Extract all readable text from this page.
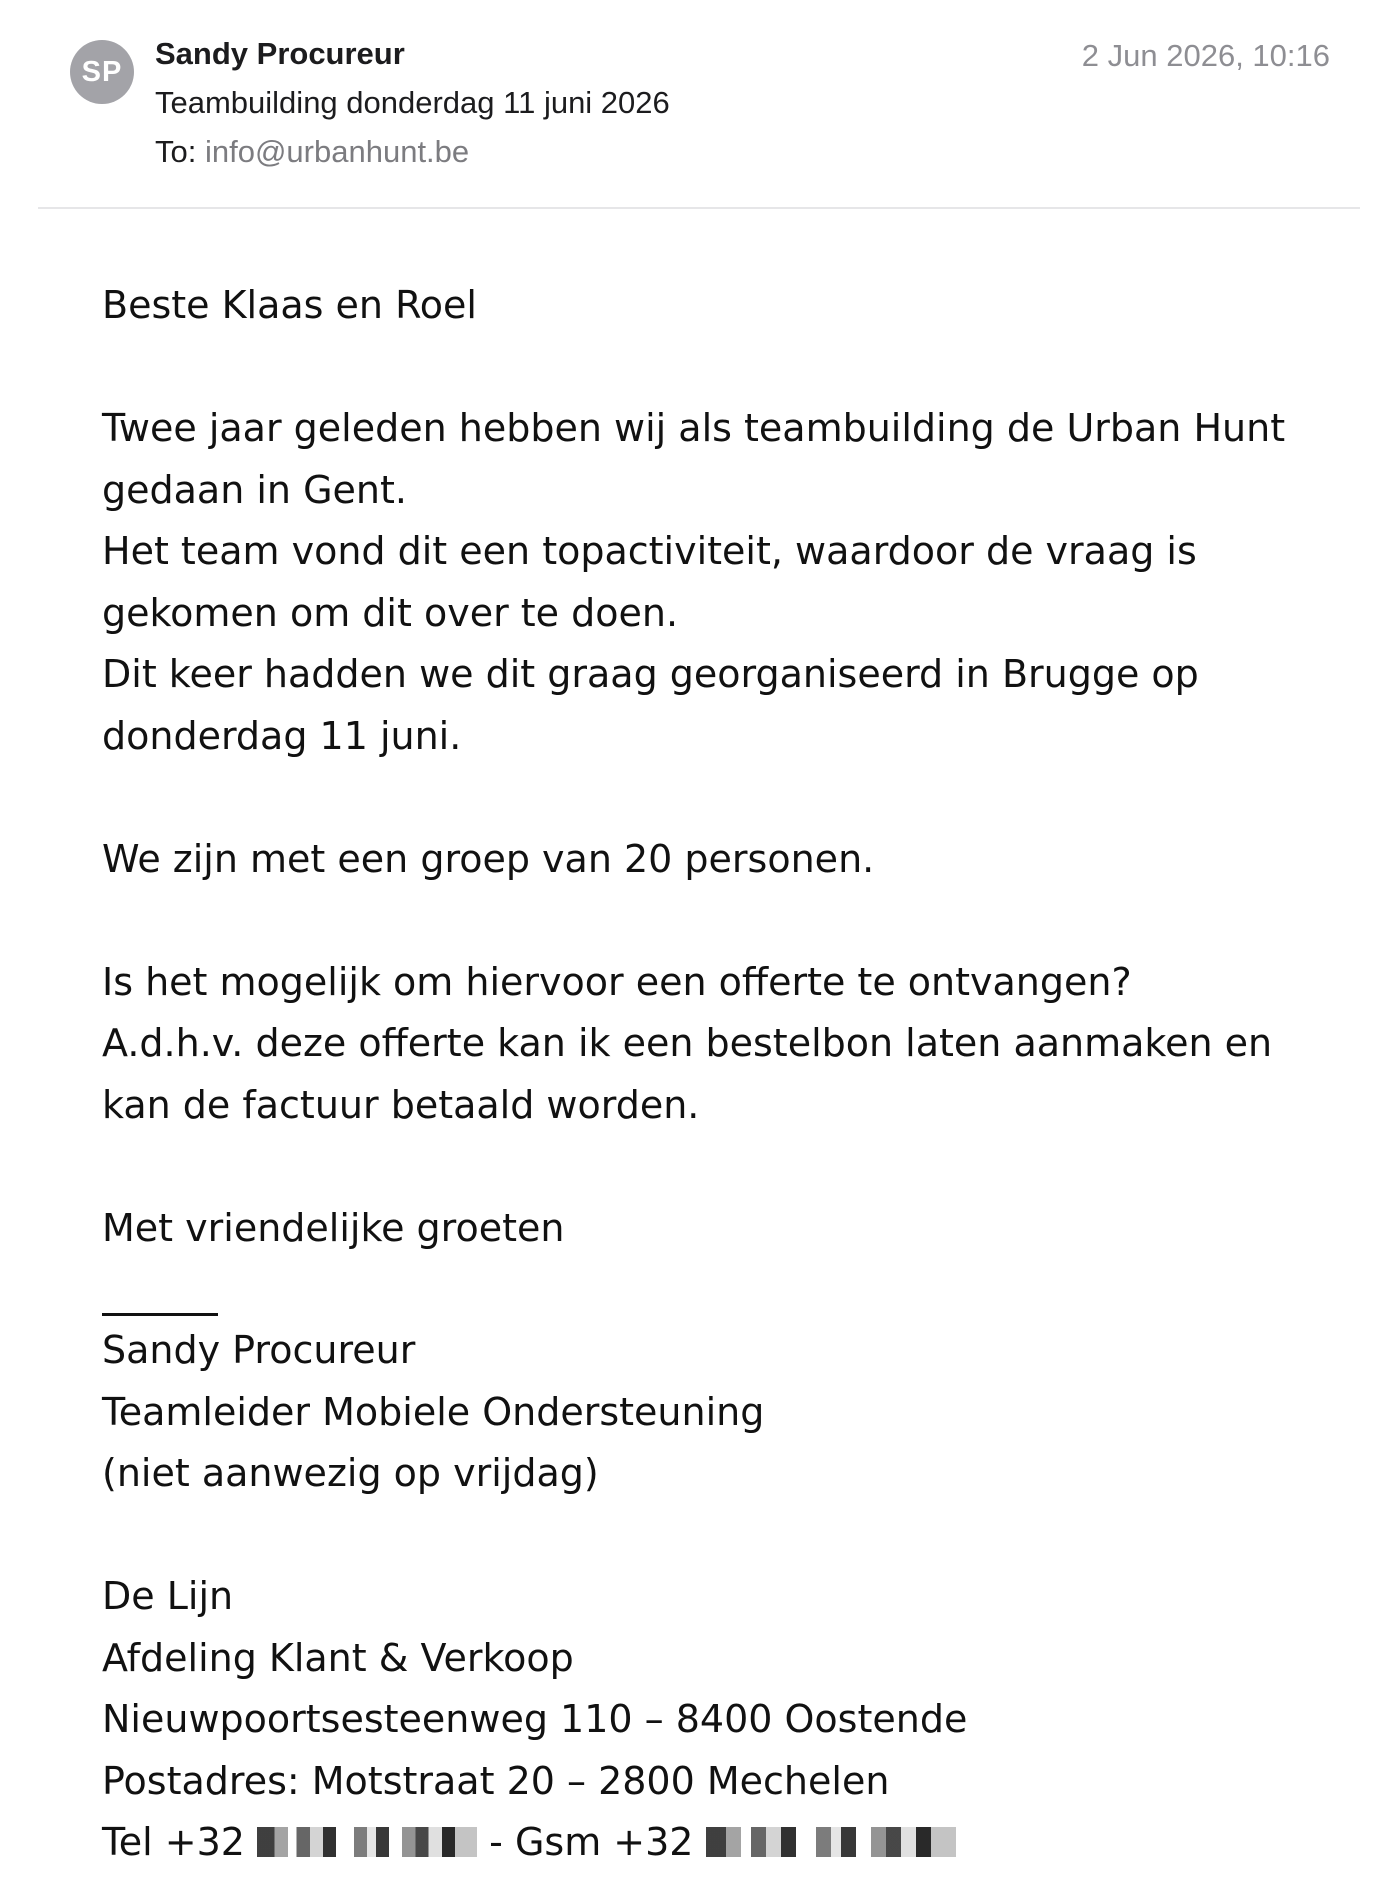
SP
Sandy Procureur
Teambuilding donderdag 11 juni 2026
To: info@urbanhunt.be
2 Jun 2026, 10:16

Beste Klaas en Roel

Twee jaar geleden hebben wij als teambuilding de Urban Hunt

gedaan in Gent.

Het team vond dit een topactiviteit, waardoor de vraag is

gekomen om dit over te doen.

Dit keer hadden we dit graag georganiseerd in Brugge op

donderdag 11 juni.

We zijn met een groep van 20 personen.

Is het mogelijk om hiervoor een offerte te ontvangen?

A.d.h.v. deze offerte kan ik een bestelbon laten aanmaken en

kan de factuur betaald worden.

Met vriendelijke groeten

Sandy Procureur

Teamleider Mobiele Ondersteuning

(niet aanwezig op vrijdag)

De Lijn

Afdeling Klant & Verkoop

Nieuwpoortsesteenweg 110 – 8400 Oostende

Postadres: Motstraat 20 – 2800 Mechelen

Tel +32	- Gsm +32
